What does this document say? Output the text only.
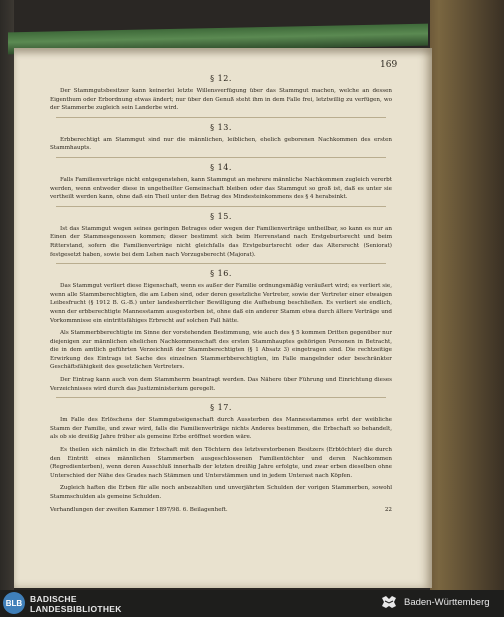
169
§ 12.
Der Stammgutsbesitzer kann keinerlei letzte Willensverfügung über das Stammgut machen, welche an dessen Eigenthum oder Erbordnung etwas ändert; nur über den Genuß steht ihm in dem Falle frei, letztwillig zu verfügen, wo der Stammerbe zugleich sein Landerbe wird.
§ 13.
Erbberechtigt am Stammgut sind nur die männlichen, leiblichen, ehelich geborenen Nachkommen des ersten Stammhaupts.
§ 14.
Falls Familienverträge nicht entgegenstehen, kann Stammgut an mehrere männliche Nachkommen zugleich vererbt werden, wenn entweder diese in ungetheilter Gemeinschaft bleiben oder das Stammgut so groß ist, daß es unter sie vertheilt werden kann, ohne daß ein Theil unter den Betrag des Mindesteinkommens des § 4 herabsinkt.
§ 15.
Ist das Stammgut wegen seines geringen Betrages oder wegen der Familienverträge untheilbar, so kann es nur an Einen der Stammesgenossen kommen; dieser bestimmt sich beim Herrenstand nach Erstgeburtsrecht und beim Ritterstand, sofern die Familienverträge nicht gleichfalls das Erstgeburtsrecht oder das Altersrecht (Seniorat) festgesetzt haben, sowie bei dem Lehen nach Vorzugsberecht (Majorat).
§ 16.
Das Stammgut verliert diese Eigenschaft, wenn es außer der Familie ordnungsmäßig veräußert wird; es verliert sie, wenn alle Stammberechtigten, die am Leben sind, oder deren gesetzliche Vertreter, sowie der Vertreter einer etwaigen Leibesfrucht (§ 1912 B. G.-B.) unter landesherrlicher Bewilligung die Aufhebung beschließen. Es verliert sie endlich, wenn der erbberechtigte Mannesstamm ausgestorben ist, ohne daß ein anderer Stamm etwa durch ältere Verträge und Vorkommnisse ein eintrittsfähiges Erbrecht auf solchen Fall hätte.
Als Stammerbberechtigte im Sinne der vorstehenden Bestimmung, wie auch des § 5 kommen Dritten gegenüber nur diejenigen zur männlichen ehelichen Nachkommenschaft des ersten Stammhauptes gehörigen Personen in Betracht, die in dem amtlich geführten Verzeichniß der Stammberechtigten (§ 1 Absatz 3) eingetragen sind. Die rechtzeitige Erwirkung des Eintrags ist Sache des einzelnen Stammerbberechtigten, im Falle mangelnder oder beschränkter Geschäftsfähigkeit des gesetzlichen Vertreters.
Der Eintrag kann auch von dem Stammherrn beantragt werden. Das Nähere über Führung und Einrichtung dieses Verzeichnisses wird durch das Justizministerium geregelt.
§ 17.
Im Falle des Erlöschens der Stammgutseigenschaft durch Aussterben des Mannesstammes erbt der weibliche Stamm der Familie, und zwar wird, falls die Familienverträge nichts Anderes bestimmen, die Erbschaft so behandelt, als ob sie dreißig Jahre früher als gemeine Erbe eröffnet worden wäre.
Es theilen sich nämlich in die Erbschaft mit den Töchtern des letztverstorbenen Besitzers (Erbtöchter) die durch den Eintritt eines männlichen Stammerben ausgeschlossenen Familientöchter und deren Nachkommen (Regredienterben), wenn deren Ausschluß innerhalb der letzten dreißig Jahre erfolgte, und zwar erben dieselben ohne Unterschied der Nähe des Grades nach Stämmen und Unterstämmen und in jedem Unterast nach Köpfen.
Zugleich haften die Erben für alle noch anbezahlten und unverjährten Schulden der vorigen Stammerben, sowohl Stammschulden als gemeine Schulden.
Verhandlungen der zweiten Kammer 1897/98. 6. Beilagenheft.	22
BLB BADISCHE
LANDESBIBLIOTHEK
Baden-Württemberg
